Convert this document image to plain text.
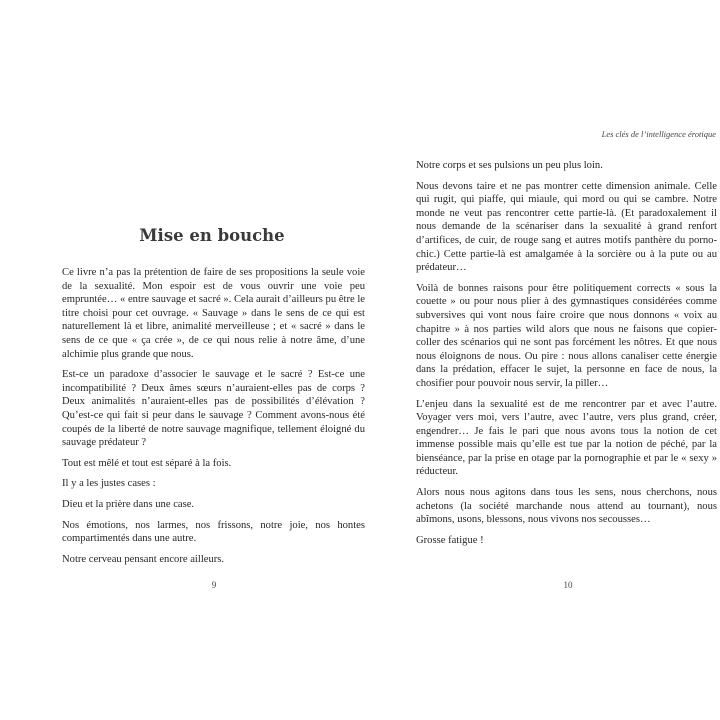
Mise en bouche

Ce livre n’a pas la prétention de faire de ses propositions la seule voie de la sexualité. Mon espoir est de vous ouvrir une voie peu empruntée… « entre sauvage et sacré ». Cela aurait d’ailleurs pu être le titre choisi pour cet ouvrage. « Sauvage » dans le sens de ce qui est naturellement là et libre, animalité merveilleuse ; et « sacré » dans le sens de ce que « ça crée », de ce qui nous relie à notre âme, d’une alchimie plus grande que nous.

Est-ce un paradoxe d’associer le sauvage et le sacré ? Est-ce une incompatibilité ? Deux âmes sœurs n’auraient-elles pas de corps ? Deux animalités n’auraient-elles pas de possibilités d’élévation ? Qu’est-ce qui fait si peur dans le sauvage ? Comment avons-nous été coupés de la liberté de notre sauvage magnifique, tellement éloigné du sauvage prédateur ?

Tout est mêlé et tout est séparé à la fois.

Il y a les justes cases :

Dieu et la prière dans une case.

Nos émotions, nos larmes, nos frissons, notre joie, nos hontes compartimentés dans une autre.

Notre cerveau pensant encore ailleurs.

9
Les clés de l’intelligence érotique

Notre corps et ses pulsions un peu plus loin.

Nous devons taire et ne pas montrer cette dimension animale. Celle qui rugit, qui piaffe, qui miaule, qui mord ou qui se cambre. Notre monde ne veut pas rencontrer cette partie-là. (Et paradoxalement il nous demande de la scénariser dans la sexualité à grand renfort d’artifices, de cuir, de rouge sang et autres motifs panthère du porno-chic.) Cette partie-là est amalgamée à la sorcière ou à la pute ou au prédateur…

Voilà de bonnes raisons pour être politiquement corrects « sous la couette » ou pour nous plier à des gymnastiques considérées comme subversives qui vont nous faire croire que nous donnons « voix au chapitre » à nos parties wild alors que nous ne faisons que copier-coller des scénarios qui ne sont pas forcément les nôtres. Et que nous nous éloignons de nous. Ou pire : nous allons canaliser cette énergie dans la prédation, effacer le sujet, la personne en face de nous, la chosifier pour pouvoir nous servir, la piller…

L’enjeu dans la sexualité est de me rencontrer par et avec l’autre. Voyager vers moi, vers l’autre, avec l’autre, vers plus grand, créer, engendrer… Je fais le pari que nous avons tous la notion de cet immense possible mais qu’elle est tue par la notion de péché, par la bienséance, par la prise en otage par la pornographie et par le « sexy » réducteur.

Alors nous nous agitons dans tous les sens, nous cherchons, nous achetons (la société marchande nous attend au tournant), nous abîmons, usons, blessons, nous vivons nos secousses…

Grosse fatigue !

10
